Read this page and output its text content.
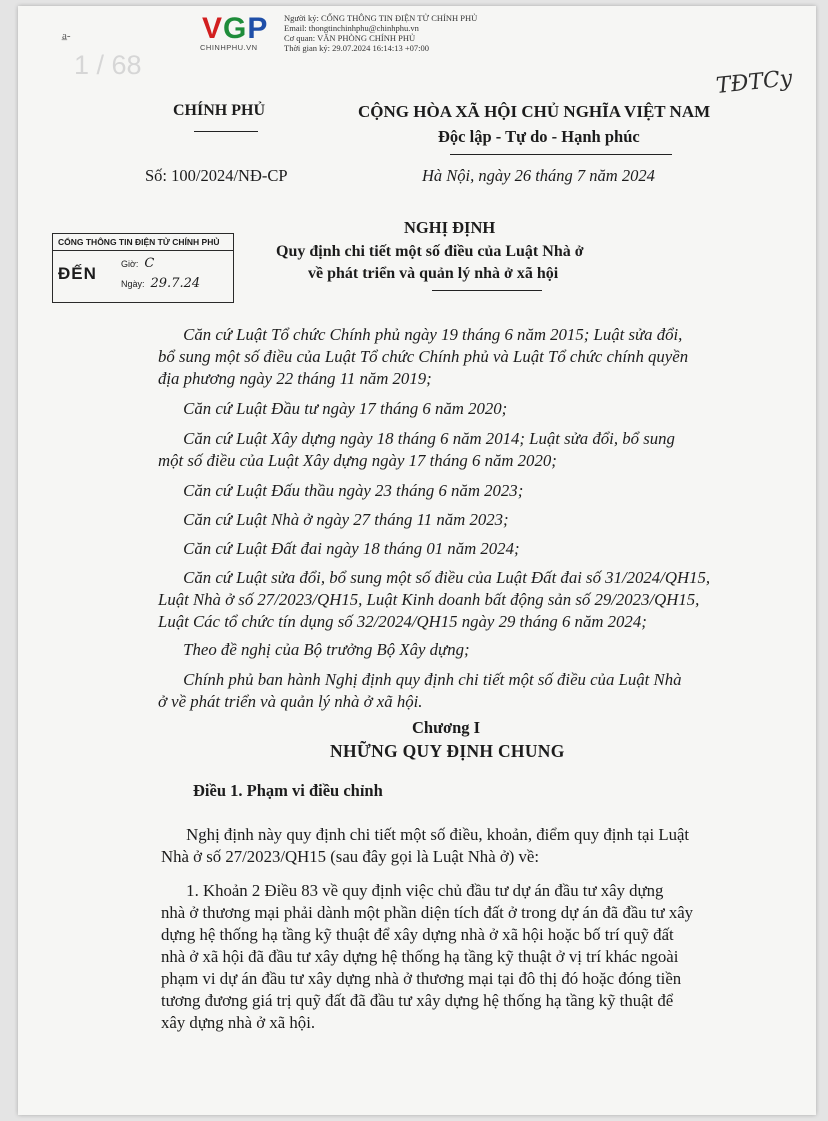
VGP
CHINHPHU.VN
Người ký: CỔNG THÔNG TIN ĐIỆN TỬ CHÍNH PHỦ
Email: thongtinchinhphu@chinhphu.vn
Cơ quan: VĂN PHÒNG CHÍNH PHỦ
Thời gian ký: 29.07.2024 16:14:13 +07:00
1 / 68
a̲-
TĐTCy
CHÍNH PHỦ	CỘNG HÒA XÃ HỘI CHỦ NGHĨA VIỆT NAM
Độc lập - Tự do - Hạnh phúc
Số: 100/2024/NĐ-CP	Hà Nội, ngày 26 tháng 7 năm 2024
CỔNG THÔNG TIN ĐIỆN TỬ CHÍNH PHỦ
ĐẾN	Giờ: C
Ngày: 29.7.24
NGHỊ ĐỊNH
Quy định chi tiết một số điều của Luật Nhà ở
về phát triển và quản lý nhà ở xã hội
Căn cứ Luật Tổ chức Chính phủ ngày 19 tháng 6 năm 2015; Luật sửa đổi,
bổ sung một số điều của Luật Tổ chức Chính phủ và Luật Tổ chức chính quyền
địa phương ngày 22 tháng 11 năm 2019;
Căn cứ Luật Đầu tư ngày 17 tháng 6 năm 2020;
Căn cứ Luật Xây dựng ngày 18 tháng 6 năm 2014; Luật sửa đổi, bổ sung
một số điều của Luật Xây dựng ngày 17 tháng 6 năm 2020;
Căn cứ Luật Đấu thầu ngày 23 tháng 6 năm 2023;
Căn cứ Luật Nhà ở ngày 27 tháng 11 năm 2023;
Căn cứ Luật Đất đai ngày 18 tháng 01 năm 2024;
Căn cứ Luật sửa đổi, bổ sung một số điều của Luật Đất đai số 31/2024/QH15,
Luật Nhà ở số 27/2023/QH15, Luật Kinh doanh bất động sản số 29/2023/QH15,
Luật Các tổ chức tín dụng số 32/2024/QH15 ngày 29 tháng 6 năm 2024;
Theo đề nghị của Bộ trưởng Bộ Xây dựng;
Chính phủ ban hành Nghị định quy định chi tiết một số điều của Luật Nhà
ở về phát triển và quản lý nhà ở xã hội.
Chương I
NHỮNG QUY ĐỊNH CHUNG
Điều 1. Phạm vi điều chỉnh
Nghị định này quy định chi tiết một số điều, khoản, điểm quy định tại Luật
Nhà ở số 27/2023/QH15 (sau đây gọi là Luật Nhà ở) về:
1. Khoản 2 Điều 83 về quy định việc chủ đầu tư dự án đầu tư xây dựng
nhà ở thương mại phải dành một phần diện tích đất ở trong dự án đã đầu tư xây
dựng hệ thống hạ tầng kỹ thuật để xây dựng nhà ở xã hội hoặc bố trí quỹ đất
nhà ở xã hội đã đầu tư xây dựng hệ thống hạ tầng kỹ thuật ở vị trí khác ngoài
phạm vi dự án đầu tư xây dựng nhà ở thương mại tại đô thị đó hoặc đóng tiền
tương đương giá trị quỹ đất đã đầu tư xây dựng hệ thống hạ tầng kỹ thuật để
xây dựng nhà ở xã hội.
